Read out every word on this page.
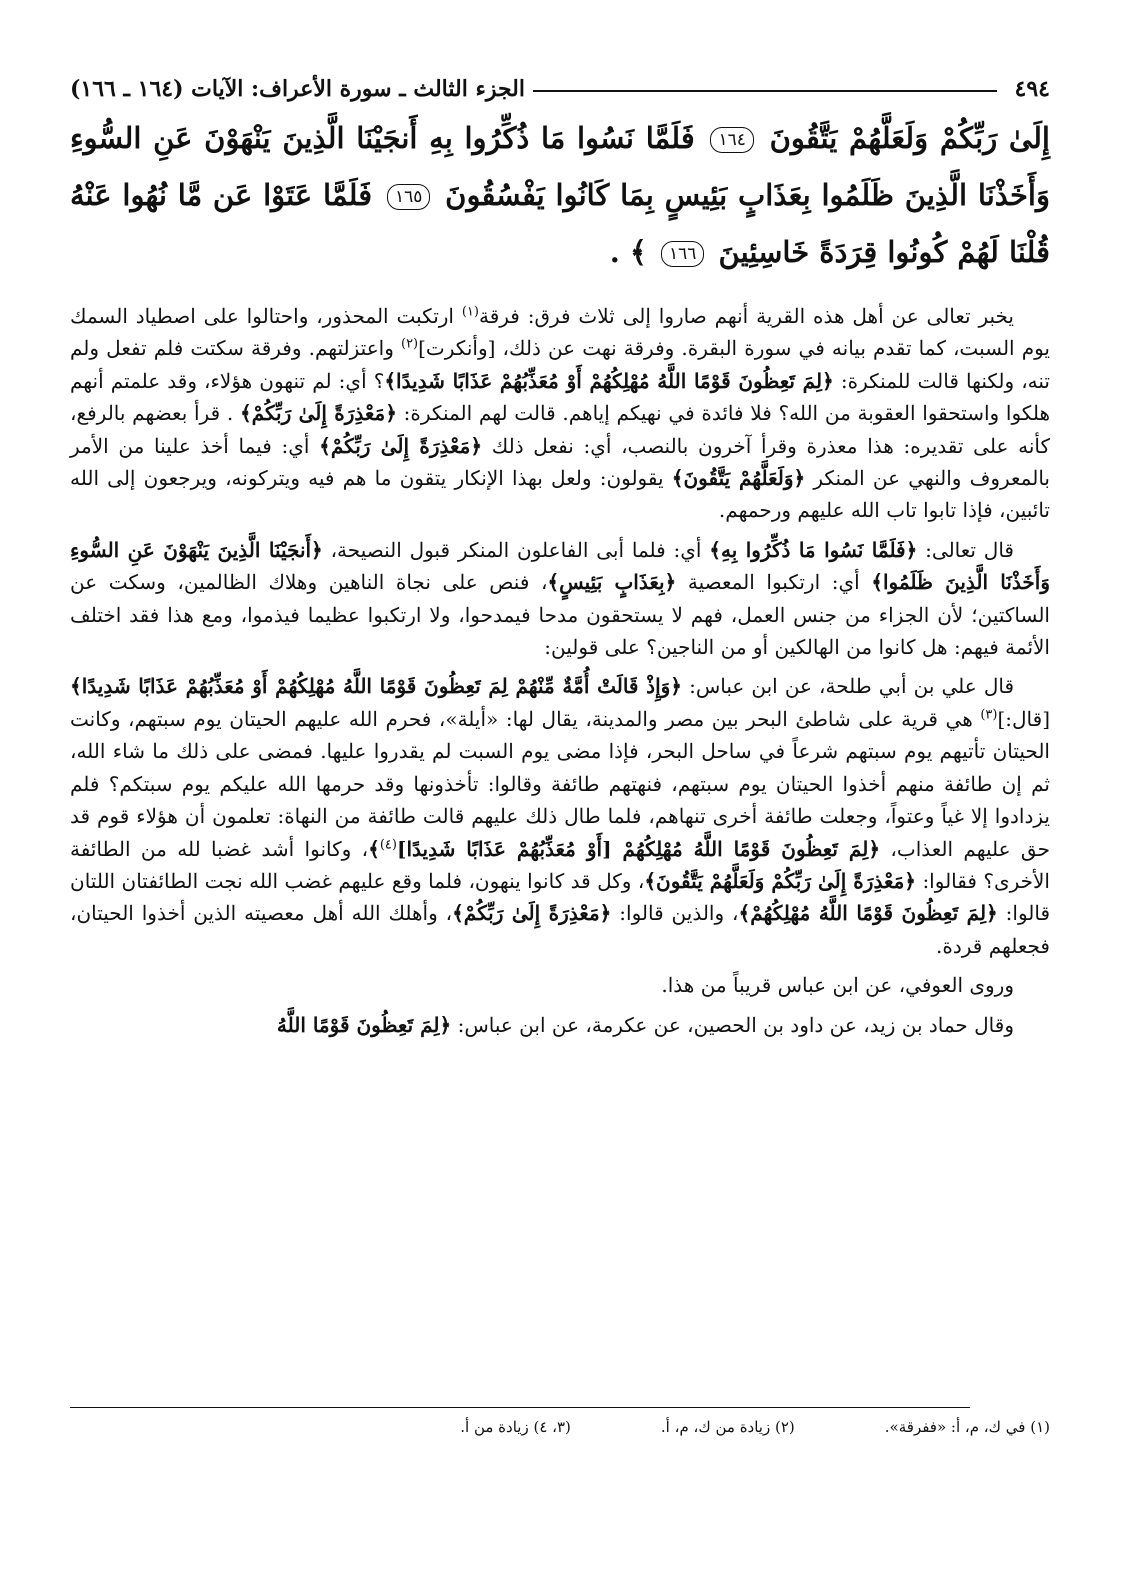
٤٩٤
الجزء الثالث ـ سورة الأعراف: الآيات (١٦٤ ـ ١٦٦)
إِلَىٰ رَبِّكُمْ وَلَعَلَّهُمْ يَتَّقُونَ ١٦٤ فَلَمَّا نَسُوا مَا ذُكِّرُوا بِهِ أَنجَيْنَا الَّذِينَ يَنْهَوْنَ عَنِ السُّوءِ وَأَخَذْنَا الَّذِينَ ظَلَمُوا بِعَذَابٍ بَئِيسٍ بِمَا كَانُوا يَفْسُقُونَ ١٦٥ فَلَمَّا عَتَوْا عَن مَّا نُهُوا عَنْهُ قُلْنَا لَهُمْ كُونُوا قِرَدَةً خَاسِئِينَ ١٦٦ ﴾ .

يخبر تعالى عن أهل هذه القرية أنهم صاروا إلى ثلاث فرق: فرقة$^{(١)}$ ارتكبت المحذور، واحتالوا على اصطياد السمك يوم السبت، كما تقدم بيانه في سورة البقرة. وفرقة نهت عن ذلك، [وأنكرت]$^{(٢)}$ واعتزلتهم. وفرقة سكتت فلم تفعل ولم تنه، ولكنها قالت للمنكرة: ﴿لِمَ تَعِظُونَ قَوْمًا اللَّهُ مُهْلِكُهُمْ أَوْ مُعَذِّبُهُمْ عَذَابًا شَدِيدًا﴾؟ أي: لم تنهون هؤلاء، وقد علمتم أنهم هلكوا واستحقوا العقوبة من الله؟ فلا فائدة في نهيكم إياهم. قالت لهم المنكرة: ﴿مَعْذِرَةً إِلَىٰ رَبِّكُمْ﴾ . قرأ بعضهم بالرفع، كأنه على تقديره: هذا معذرة وقرأ آخرون بالنصب، أي: نفعل ذلك ﴿مَعْذِرَةً إِلَىٰ رَبِّكُمْ﴾ أي: فيما أخذ علينا من الأمر بالمعروف والنهي عن المنكر ﴿وَلَعَلَّهُمْ يَتَّقُونَ﴾ يقولون: ولعل بهذا الإنكار يتقون ما هم فيه ويتركونه، ويرجعون إلى الله تائبين، فإذا تابوا تاب الله عليهم ورحمهم.

قال تعالى: ﴿فَلَمَّا نَسُوا مَا ذُكِّرُوا بِهِ﴾ أي: فلما أبى الفاعلون المنكر قبول النصيحة، ﴿أَنجَيْنَا الَّذِينَ يَنْهَوْنَ عَنِ السُّوءِ وَأَخَذْنَا الَّذِينَ ظَلَمُوا﴾ أي: ارتكبوا المعصية ﴿بِعَذَابٍ بَئِيسٍ﴾، فنص على نجاة الناهين وهلاك الظالمين، وسكت عن الساكتين؛ لأن الجزاء من جنس العمل، فهم لا يستحقون مدحا فيمدحوا، ولا ارتكبوا عظيما فيذموا، ومع هذا فقد اختلف الأئمة فيهم: هل كانوا من الهالكين أو من الناجين؟ على قولين:

قال علي بن أبي طلحة، عن ابن عباس: ﴿وَإِذْ قَالَتْ أُمَّةٌ مِّنْهُمْ لِمَ تَعِظُونَ قَوْمًا اللَّهُ مُهْلِكُهُمْ أَوْ مُعَذِّبُهُمْ عَذَابًا شَدِيدًا﴾ [قال:]$^{(٣)}$ هي قرية على شاطئ البحر بين مصر والمدينة، يقال لها: «أيلة»، فحرم الله عليهم الحيتان يوم سبتهم، وكانت الحيتان تأتيهم يوم سبتهم شرعاً في ساحل البحر، فإذا مضى يوم السبت لم يقدروا عليها. فمضى على ذلك ما شاء الله، ثم إن طائفة منهم أخذوا الحيتان يوم سبتهم، فنهتهم طائفة وقالوا: تأخذونها وقد حرمها الله عليكم يوم سبتكم؟ فلم يزدادوا إلا غياً وعتواً، وجعلت طائفة أخرى تنهاهم، فلما طال ذلك عليهم قالت طائفة من النهاة: تعلمون أن هؤلاء قوم قد حق عليهم العذاب، ﴿لِمَ تَعِظُونَ قَوْمًا اللَّهُ مُهْلِكُهُمْ [أَوْ مُعَذِّبُهُمْ عَذَابًا شَدِيدًا]$^{(٤)}$﴾، وكانوا أشد غضبا لله من الطائفة الأخرى؟ فقالوا: ﴿مَعْذِرَةً إِلَىٰ رَبِّكُمْ وَلَعَلَّهُمْ يَتَّقُونَ﴾، وكل قد كانوا ينهون، فلما وقع عليهم غضب الله نجت الطائفتان اللتان قالوا: ﴿لِمَ تَعِظُونَ قَوْمًا اللَّهُ مُهْلِكُهُمْ﴾، والذين قالوا: ﴿مَعْذِرَةً إِلَىٰ رَبِّكُمْ﴾، وأهلك الله أهل معصيته الذين أخذوا الحيتان، فجعلهم قردة.

وروى العوفي، عن ابن عباس قريباً من هذا.

وقال حماد بن زيد، عن داود بن الحصين، عن عكرمة، عن ابن عباس: ﴿لِمَ تَعِظُونَ قَوْمًا اللَّهُ

(١) في ك، م، أ: «ففرقة».
(٢) زيادة من ك، م، أ.
(٣، ٤) زيادة من أ.
